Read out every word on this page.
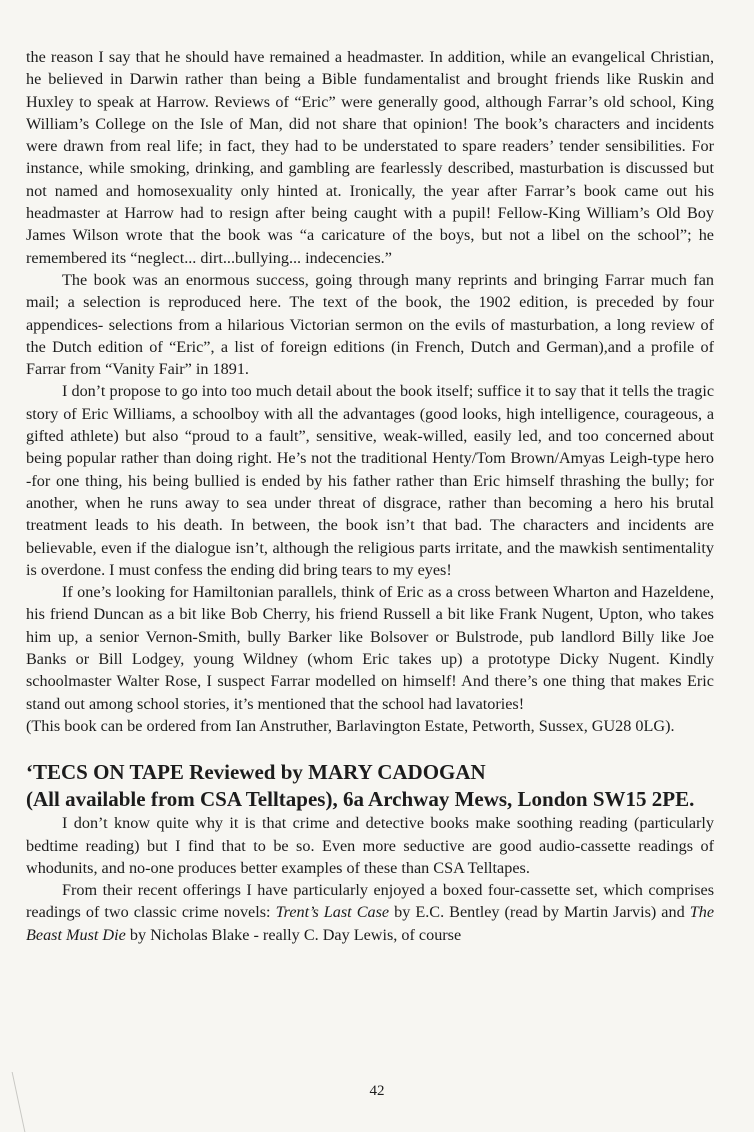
the reason I say that he should have remained a headmaster. In addition, while an evangelical Christian, he believed in Darwin rather than being a Bible fundamentalist and brought friends like Ruskin and Huxley to speak at Harrow. Reviews of “Eric” were generally good, although Farrar’s old school, King William’s College on the Isle of Man, did not share that opinion! The book’s characters and incidents were drawn from real life; in fact, they had to be understated to spare readers’ tender sensibilities. For instance, while smoking, drinking, and gambling are fearlessly described, masturbation is discussed but not named and homosexuality only hinted at. Ironically, the year after Farrar’s book came out his headmaster at Harrow had to resign after being caught with a pupil! Fellow-King William’s Old Boy James Wilson wrote that the book was “a caricature of the boys, but not a libel on the school”; he remembered its “neglect... dirt...bullying... indecencies.”

The book was an enormous success, going through many reprints and bringing Farrar much fan mail; a selection is reproduced here. The text of the book, the 1902 edition, is preceded by four appendices- selections from a hilarious Victorian sermon on the evils of masturbation, a long review of the Dutch edition of “Eric”, a list of foreign editions (in French, Dutch and German),and a profile of Farrar from “Vanity Fair” in 1891.

I don’t propose to go into too much detail about the book itself; suffice it to say that it tells the tragic story of Eric Williams, a schoolboy with all the advantages (good looks, high intelligence, courageous, a gifted athlete) but also “proud to a fault”, sensitive, weak-willed, easily led, and too concerned about being popular rather than doing right. He’s not the traditional Henty/Tom Brown/Amyas Leigh-type hero -for one thing, his being bullied is ended by his father rather than Eric himself thrashing the bully; for another, when he runs away to sea under threat of disgrace, rather than becoming a hero his brutal treatment leads to his death. In between, the book isn’t that bad. The characters and incidents are believable, even if the dialogue isn’t, although the religious parts irritate, and the mawkish sentimentality is overdone. I must confess the ending did bring tears to my eyes!

If one’s looking for Hamiltonian parallels, think of Eric as a cross between Wharton and Hazeldene, his friend Duncan as a bit like Bob Cherry, his friend Russell a bit like Frank Nugent, Upton, who takes him up, a senior Vernon-Smith, bully Barker like Bolsover or Bulstrode, pub landlord Billy like Joe Banks or Bill Lodgey, young Wildney (whom Eric takes up) a prototype Dicky Nugent. Kindly schoolmaster Walter Rose, I suspect Farrar modelled on himself! And there’s one thing that makes Eric stand out among school stories, it’s mentioned that the school had lavatories!

(This book can be ordered from Ian Anstruther, Barlavington Estate, Petworth, Sussex, GU28 0LG).

‘TECS ON TAPE Reviewed by MARY CADOGAN
(All available from CSA Telltapes), 6a Archway Mews, London SW15 2PE.

I don’t know quite why it is that crime and detective books make soothing reading (particularly bedtime reading) but I find that to be so. Even more seductive are good audio-cassette readings of whodunits, and no-one produces better examples of these than CSA Telltapes.

From their recent offerings I have particularly enjoyed a boxed four-cassette set, which comprises readings of two classic crime novels: Trent’s Last Case by E.C. Bentley (read by Martin Jarvis) and The Beast Must Die by Nicholas Blake - really C. Day Lewis, of course

42
